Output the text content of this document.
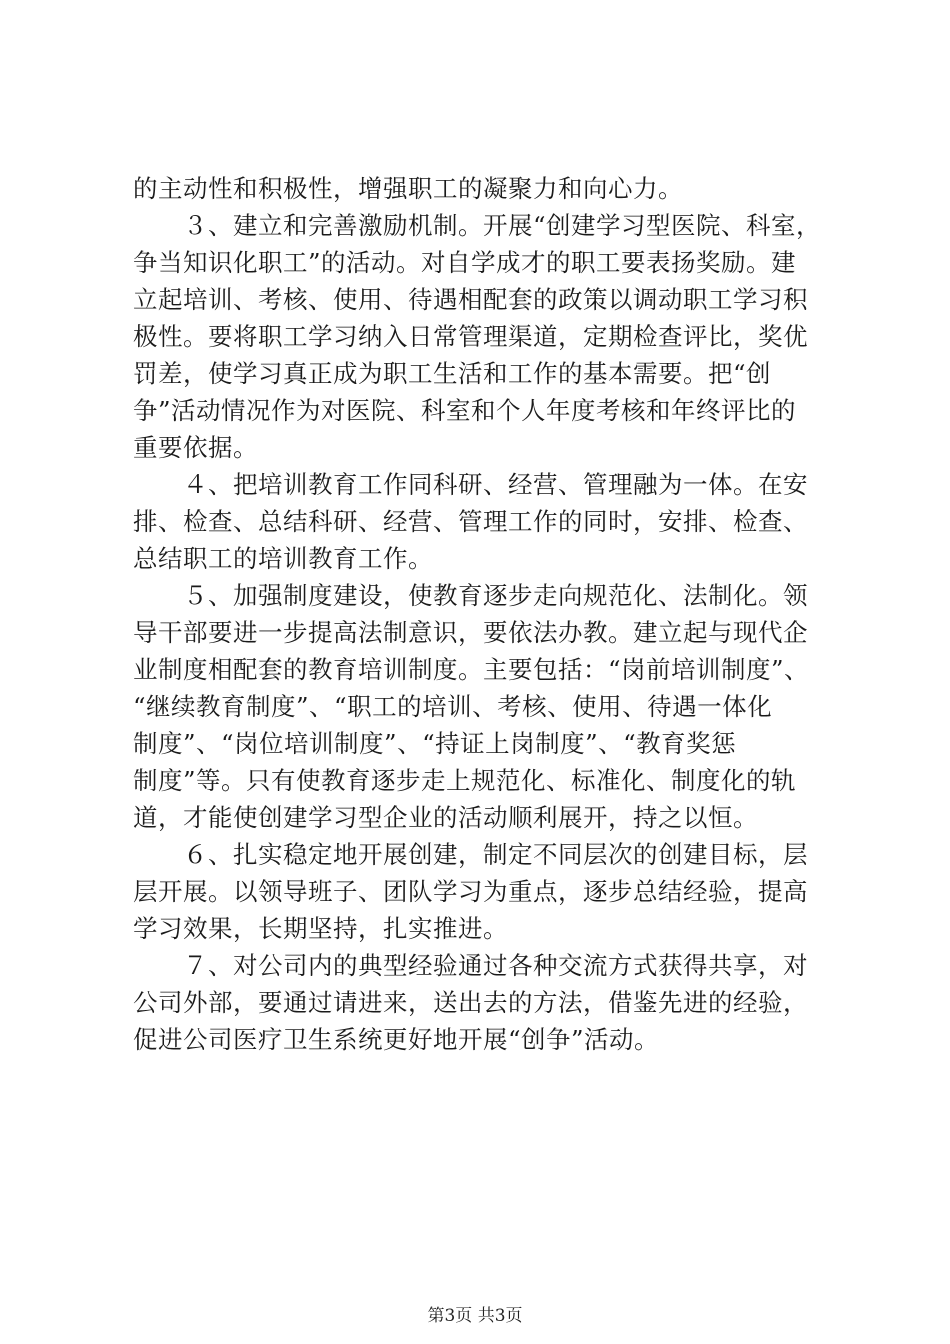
的主动性和积极性，增强职工的凝聚力和向心力。
　　３、建立和完善激励机制。开展“创建学习型医院、科室，
争当知识化职工”的活动。对自学成才的职工要表扬奖励。建
立起培训、考核、使用、待遇相配套的政策以调动职工学习积
极性。要将职工学习纳入日常管理渠道，定期检查评比，奖优
罚差，使学习真正成为职工生活和工作的基本需要。把“创
争”活动情况作为对医院、科室和个人年度考核和年终评比的
重要依据。
　　４、把培训教育工作同科研、经营、管理融为一体。在安
排、检查、总结科研、经营、管理工作的同时，安排、检查、
总结职工的培训教育工作。
　　５、加强制度建设，使教育逐步走向规范化、法制化。领
导干部要进一步提高法制意识，要依法办教。建立起与现代企
业制度相配套的教育培训制度。主要包括：“岗前培训制度”、
“继续教育制度”、“职工的培训、考核、使用、待遇一体化
制度”、“岗位培训制度”、“持证上岗制度”、“教育奖惩
制度”等。只有使教育逐步走上规范化、标准化、制度化的轨
道，才能使创建学习型企业的活动顺利展开，持之以恒。
　　６、扎实稳定地开展创建，制定不同层次的创建目标，层
层开展。以领导班子、团队学习为重点，逐步总结经验，提高
学习效果，长期坚持，扎实推进。
　　７、对公司内的典型经验通过各种交流方式获得共享，对
公司外部，要通过请进来，送出去的方法，借鉴先进的经验，
促进公司医疗卫生系统更好地开展“创争”活动。
第3页 共3页
